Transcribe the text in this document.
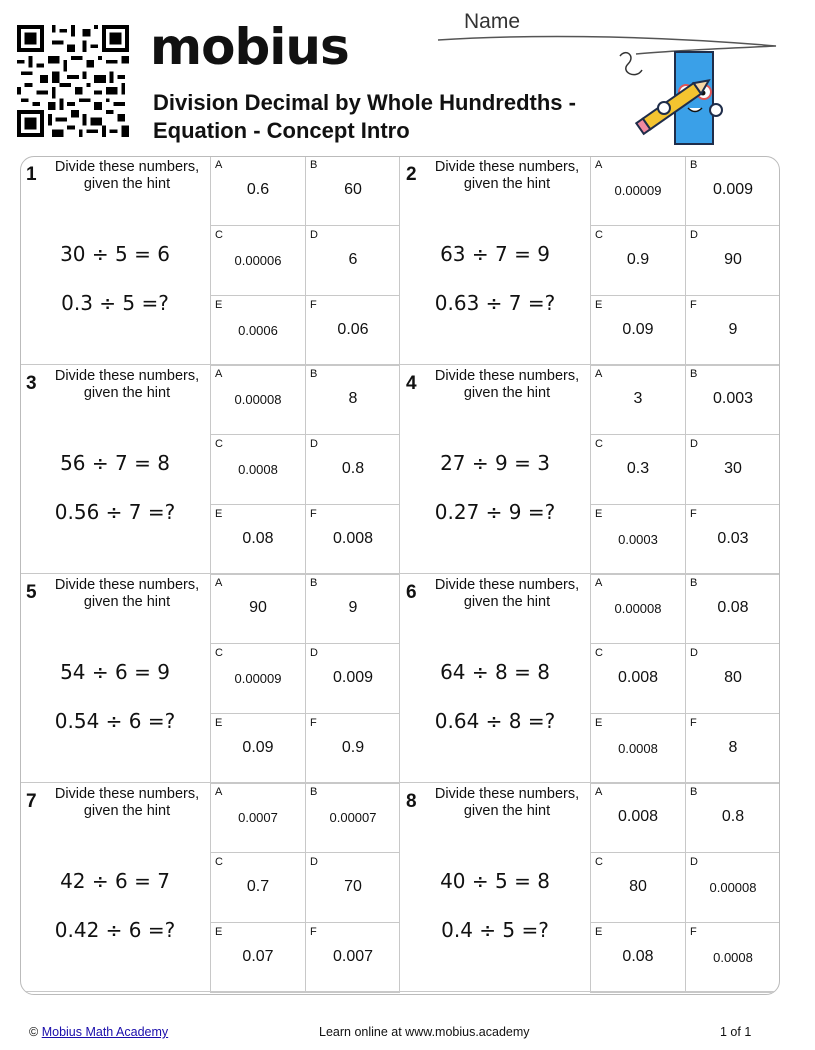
mobius
Division Decimal by Whole Hundredths -
Equation - Concept Intro
Name
1	Divide these numbers, given the hint
30 ÷ 5 = 6
0.3 ÷ 5 =?
A
0.6
B
60
C
0.00006
D
6
E
0.0006
F
0.06
2	Divide these numbers, given the hint
63 ÷ 7 = 9
0.63 ÷ 7 =?
A
0.00009
B
0.009
C
0.9
D
90
E
0.09
F
9
3	Divide these numbers, given the hint
56 ÷ 7 = 8
0.56 ÷ 7 =?
A
0.00008
B
8
C
0.0008
D
0.8
E
0.08
F
0.008
4	Divide these numbers, given the hint
27 ÷ 9 = 3
0.27 ÷ 9 =?
A
3
B
0.003
C
0.3
D
30
E
0.0003
F
0.03
5	Divide these numbers, given the hint
54 ÷ 6 = 9
0.54 ÷ 6 =?
A
90
B
9
C
0.00009
D
0.009
E
0.09
F
0.9
6	Divide these numbers, given the hint
64 ÷ 8 = 8
0.64 ÷ 8 =?
A
0.00008
B
0.08
C
0.008
D
80
E
0.0008
F
8
7	Divide these numbers, given the hint
42 ÷ 6 = 7
0.42 ÷ 6 =?
A
0.0007
B
0.00007
C
0.7
D
70
E
0.07
F
0.007
8	Divide these numbers, given the hint
40 ÷ 5 = 8
0.4 ÷ 5 =?
A
0.008
B
0.8
C
80
D
0.00008
E
0.08
F
0.0008
© Mobius Math Academy	Learn online at www.mobius.academy	1 of 1
